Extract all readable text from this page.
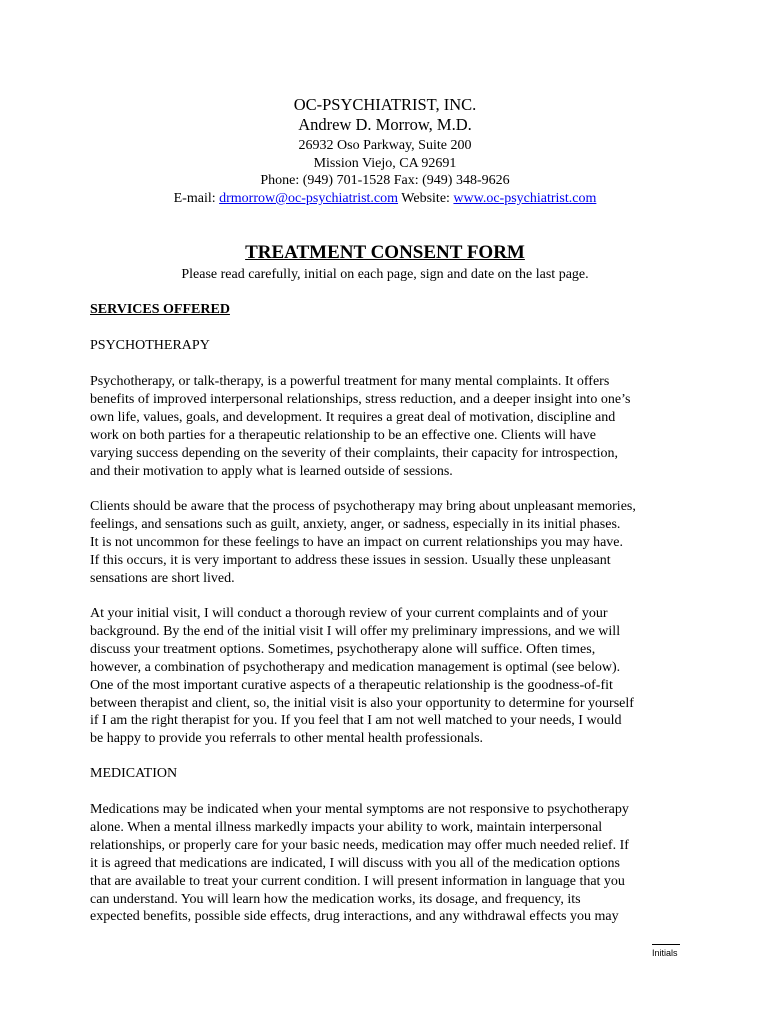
OC-PSYCHIATRIST, INC.
Andrew D. Morrow, M.D.
26932 Oso Parkway, Suite 200
Mission Viejo, CA 92691
Phone: (949) 701-1528 Fax: (949) 348-9626
E-mail: drmorrow@oc-psychiatrist.com Website: www.oc-psychiatrist.com
TREATMENT CONSENT FORM
Please read carefully, initial on each page, sign and date on the last page.
SERVICES OFFERED
PSYCHOTHERAPY
Psychotherapy, or talk-therapy, is a powerful treatment for many mental complaints. It offers
benefits of improved interpersonal relationships, stress reduction, and a deeper insight into one’s
own life, values, goals, and development. It requires a great deal of motivation, discipline and
work on both parties for a therapeutic relationship to be an effective one. Clients will have
varying success depending on the severity of their complaints, their capacity for introspection,
and their motivation to apply what is learned outside of sessions.
Clients should be aware that the process of psychotherapy may bring about unpleasant memories,
feelings, and sensations such as guilt, anxiety, anger, or sadness, especially in its initial phases.
It is not uncommon for these feelings to have an impact on current relationships you may have.
If this occurs, it is very important to address these issues in session. Usually these unpleasant
sensations are short lived.
At your initial visit, I will conduct a thorough review of your current complaints and of your
background. By the end of the initial visit I will offer my preliminary impressions, and we will
discuss your treatment options. Sometimes, psychotherapy alone will suffice. Often times,
however, a combination of psychotherapy and medication management is optimal (see below).
One of the most important curative aspects of a therapeutic relationship is the goodness-of-fit
between therapist and client, so, the initial visit is also your opportunity to determine for yourself
if I am the right therapist for you. If you feel that I am not well matched to your needs, I would
be happy to provide you referrals to other mental health professionals.
MEDICATION
Medications may be indicated when your mental symptoms are not responsive to psychotherapy
alone. When a mental illness markedly impacts your ability to work, maintain interpersonal
relationships, or properly care for your basic needs, medication may offer much needed relief. If
it is agreed that medications are indicated, I will discuss with you all of the medication options
that are available to treat your current condition. I will present information in language that you
can understand. You will learn how the medication works, its dosage, and frequency, its
expected benefits, possible side effects, drug interactions, and any withdrawal effects you may
Initials
